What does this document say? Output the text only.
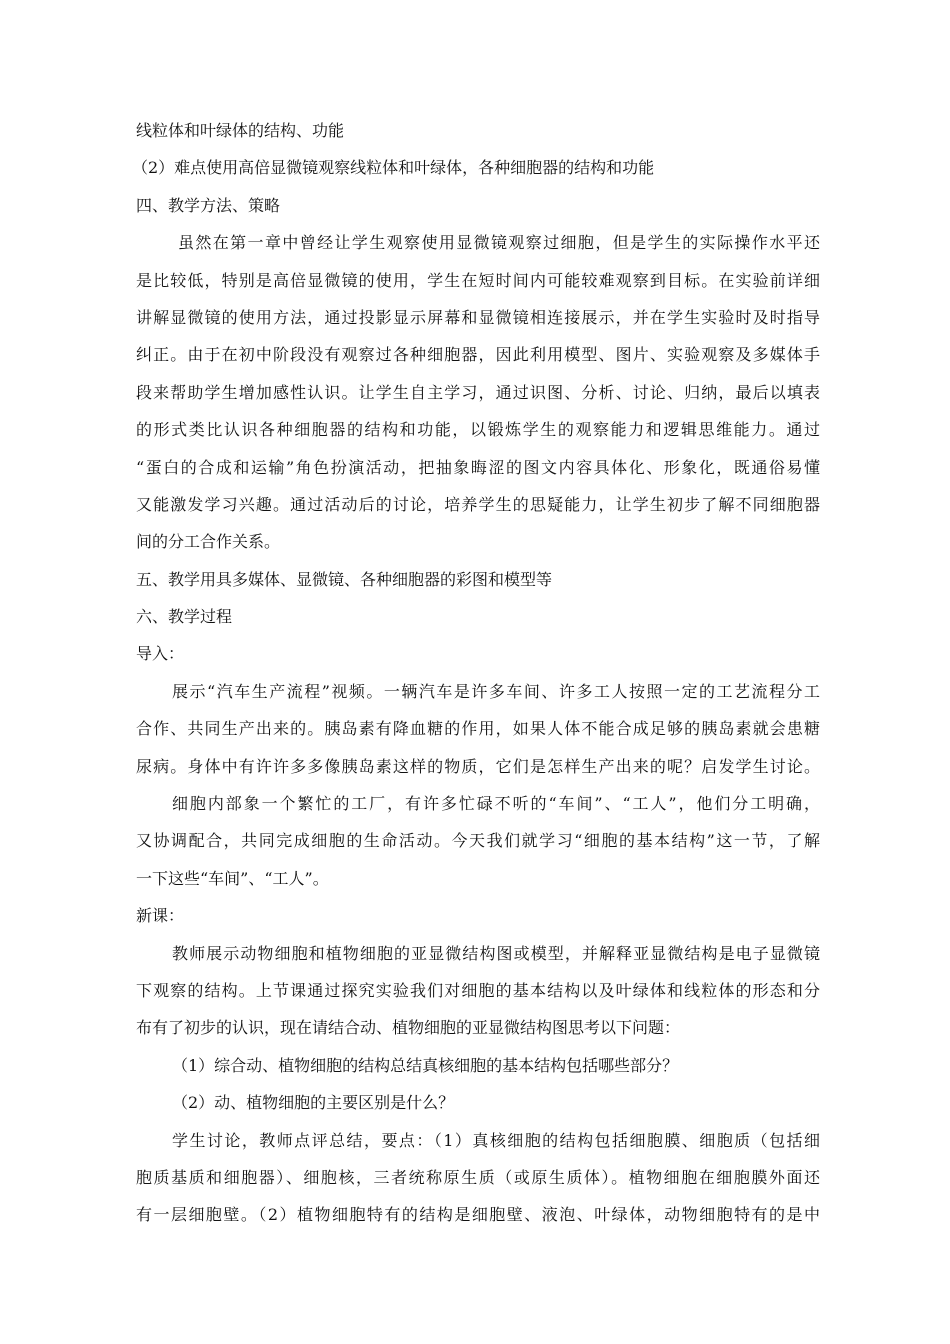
线粒体和叶绿体的结构、功能

（2）难点使用高倍显微镜观察线粒体和叶绿体，各种细胞器的结构和功能

四、教学方法、策略

虽然在第一章中曾经让学生观察使用显微镜观察过细胞，但是学生的实际操作水平还

是比较低，特别是高倍显微镜的使用，学生在短时间内可能较难观察到目标。在实验前详细

讲解显微镜的使用方法，通过投影显示屏幕和显微镜相连接展示，并在学生实验时及时指导

纠正。由于在初中阶段没有观察过各种细胞器，因此利用模型、图片、实验观察及多媒体手

段来帮助学生增加感性认识。让学生自主学习，通过识图、分析、讨论、归纳，最后以填表

的形式类比认识各种细胞器的结构和功能，以锻炼学生的观察能力和逻辑思维能力。通过

“蛋白的合成和运输”角色扮演活动，把抽象晦涩的图文内容具体化、形象化，既通俗易懂

又能激发学习兴趣。通过活动后的讨论，培养学生的思疑能力，让学生初步了解不同细胞器

间的分工合作关系。

五、教学用具多媒体、显微镜、各种细胞器的彩图和模型等

六、教学过程

导入：

展示“汽车生产流程”视频。一辆汽车是许多车间、许多工人按照一定的工艺流程分工

合作、共同生产出来的。胰岛素有降血糖的作用，如果人体不能合成足够的胰岛素就会患糖

尿病。身体中有许许多多像胰岛素这样的物质，它们是怎样生产出来的呢？启发学生讨论。

细胞内部象一个繁忙的工厂，有许多忙碌不听的“车间”、“工人”，他们分工明确，

又协调配合，共同完成细胞的生命活动。今天我们就学习“细胞的基本结构”这一节，了解

一下这些“车间”、“工人”。

新课：

教师展示动物细胞和植物细胞的亚显微结构图或模型，并解释亚显微结构是电子显微镜

下观察的结构。上节课通过探究实验我们对细胞的基本结构以及叶绿体和线粒体的形态和分

布有了初步的认识，现在请结合动、植物细胞的亚显微结构图思考以下问题：

（1）综合动、植物细胞的结构总结真核细胞的基本结构包括哪些部分？

（2）动、植物细胞的主要区别是什么？

学生讨论，教师点评总结，要点：（1）真核细胞的结构包括细胞膜、细胞质（包括细

胞质基质和细胞器）、细胞核，三者统称原生质（或原生质体）。植物细胞在细胞膜外面还

有一层细胞壁。（2）植物细胞特有的结构是细胞壁、液泡、叶绿体，动物细胞特有的是中
